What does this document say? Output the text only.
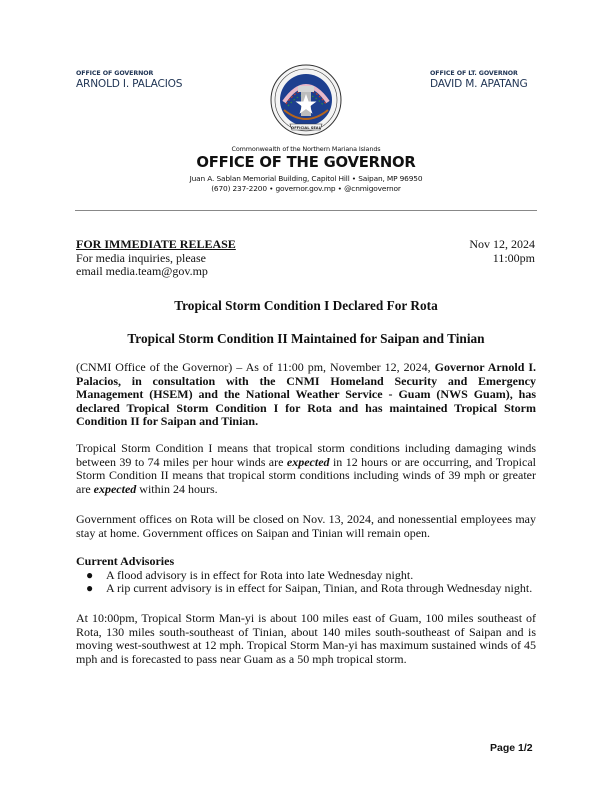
OFFICE OF GOVERNOR
ARNOLD I. PALACIOS
OFFICE OF LT. GOVERNOR
DAVID M. APATANG
OFFICIAL SEAL
Commonwealth of the Northern Mariana Islands
OFFICE OF THE GOVERNOR
Juan A. Sablan Memorial Building, Capitol Hill • Saipan, MP 96950
(670) 237-2200 • governor.gov.mp • @cnmigovernor
FOR IMMEDIATE RELEASE
For media inquiries, please
email media.team@gov.mp
Nov 12, 2024
11:00pm
Tropical Storm Condition I Declared For Rota
Tropical Storm Condition II Maintained for Saipan and Tinian
(CNMI Office of the Governor) – As of 11:00 pm, November 12, 2024, Governor Arnold I. Palacios, in consultation with the CNMI Homeland Security and Emergency Management (HSEM) and the National Weather Service - Guam (NWS Guam), has declared Tropical Storm Condition I for Rota and has maintained Tropical Storm Condition II for Saipan and Tinian.
Tropical Storm Condition I means that tropical storm conditions including damaging winds between 39 to 74 miles per hour winds are expected in 12 hours or are occurring, and Tropical Storm Condition II means that tropical storm conditions including winds of 39 mph or greater are expected within 24 hours.
Government offices on Rota will be closed on Nov. 13, 2024, and nonessential employees may stay at home. Government offices on Saipan and Tinian will remain open.
Current Advisories
● A flood advisory is in effect for Rota into late Wednesday night.
● A rip current advisory is in effect for Saipan, Tinian, and Rota through Wednesday night.
At 10:00pm, Tropical Storm Man-yi is about 100 miles east of Guam, 100 miles southeast of Rota, 130 miles south-southeast of Tinian, about 140 miles south-southeast of Saipan and is moving west-southwest at 12 mph. Tropical Storm Man-yi has maximum sustained winds of 45 mph and is forecasted to pass near Guam as a 50 mph tropical storm.
Page 1/2
